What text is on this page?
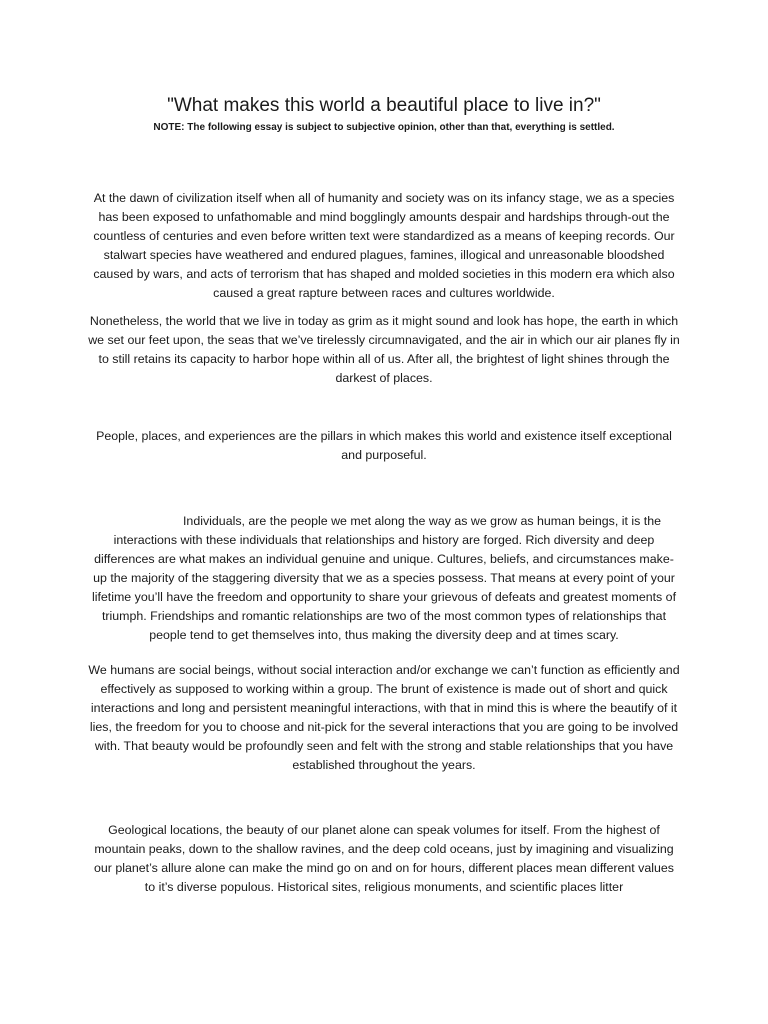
"What makes this world a beautiful place to live in?"

NOTE: The following essay is subject to subjective opinion, other than that, everything is settled.

At the dawn of civilization itself when all of humanity and society was on its infancy stage, we as a species has been exposed to unfathomable and mind bogglingly amounts despair and hardships through-out the countless of centuries and even before written text were standardized as a means of keeping records. Our stalwart species have weathered and endured plagues, famines, illogical and unreasonable bloodshed caused by wars, and acts of terrorism that has shaped and molded societies in this modern era which also caused a great rapture between races and cultures worldwide.

Nonetheless, the world that we live in today as grim as it might sound and look has hope, the earth in which we set our feet upon, the seas that we’ve tirelessly circumnavigated, and the air in which our air planes fly in to still retains its capacity to harbor hope within all of us. After all, the brightest of light shines through the darkest of places.

People, places, and experiences are the pillars in which makes this world and existence itself exceptional and purposeful.

Individuals, are the people we met along the way as we grow as human beings, it is the interactions with these individuals that relationships and history are forged. Rich diversity and deep differences are what makes an individual genuine and unique. Cultures, beliefs, and circumstances make-up the majority of the staggering diversity that we as a species possess. That means at every point of your lifetime you’ll have the freedom and opportunity to share your grievous of defeats and greatest moments of triumph. Friendships and romantic relationships are two of the most common types of relationships that people tend to get themselves into, thus making the diversity deep and at times scary.

We humans are social beings, without social interaction and/or exchange we can’t function as efficiently and effectively as supposed to working within a group. The brunt of existence is made out of short and quick interactions and long and persistent meaningful interactions, with that in mind this is where the beautify of it lies, the freedom for you to choose and nit-pick for the several interactions that you are going to be involved with. That beauty would be profoundly seen and felt with the strong and stable relationships that you have established throughout the years.

Geological locations, the beauty of our planet alone can speak volumes for itself. From the highest of mountain peaks, down to the shallow ravines, and the deep cold oceans, just by imagining and visualizing our planet’s allure alone can make the mind go on and on for hours, different places mean different values to it’s diverse populous. Historical sites, religious monuments, and scientific places litter
